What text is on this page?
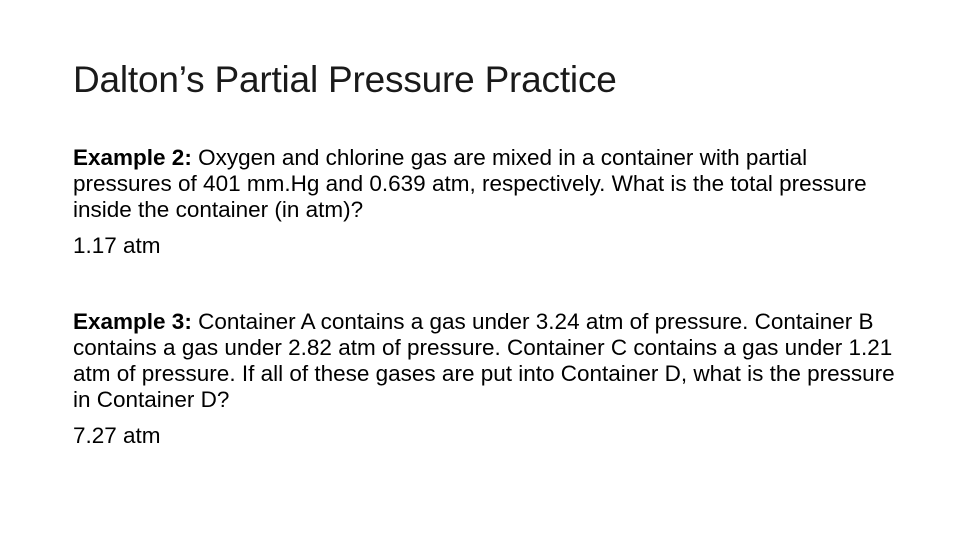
Dalton’s Partial Pressure Practice

Example 2: Oxygen and chlorine gas are mixed in a container with partial pressures of 401 mm.Hg and 0.639 atm, respectively. What is the total pressure inside the container (in atm)?

1.17 atm

Example 3: Container A contains a gas under 3.24 atm of pressure. Container B contains a gas under 2.82 atm of pressure. Container C contains a gas under 1.21 atm of pressure. If all of these gases are put into Container D, what is the pressure in Container D?

7.27 atm
